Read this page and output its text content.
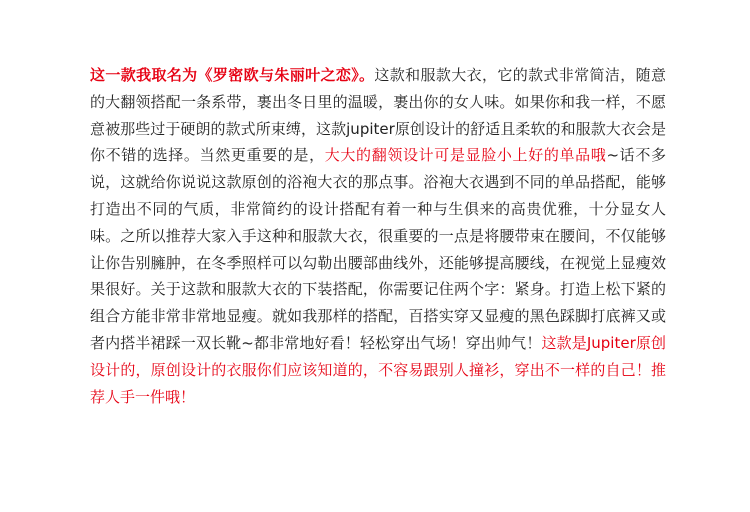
这一款我取名为《罗密欧与朱丽叶之恋》。这款和服款大衣，它的款式非常简洁，随意的大翻领搭配一条系带，裹出冬日里的温暖，裹出你的女人味。如果你和我一样，不愿意被那些过于硬朗的款式所束缚，这款jupiter原创设计的舒适且柔软的和服款大衣会是你不错的选择。当然更重要的是，大大的翻领设计可是显脸小上好的单品哦~话不多说，这就给你说说这款原创的浴袍大衣的那点事。浴袍大衣遇到不同的单品搭配，能够打造出不同的气质，非常简约的设计搭配有着一种与生俱来的高贵优雅，十分显女人味。之所以推荐大家入手这种和服款大衣，很重要的一点是将腰带束在腰间，不仅能够让你告别臃肿，在冬季照样可以勾勒出腰部曲线外，还能够提高腰线，在视觉上显瘦效果很好。关于这款和服款大衣的下装搭配，你需要记住两个字：紧身。打造上松下紧的组合方能非常非常地显瘦。就如我那样的搭配，百搭实穿又显瘦的黑色踩脚打底裤又或者内搭半裙踩一双长靴~都非常地好看！轻松穿出气场！穿出帅气！这款是Jupiter原创设计的，原创设计的衣服你们应该知道的，不容易跟别人撞衫，穿出不一样的自己！推荐人手一件哦！
